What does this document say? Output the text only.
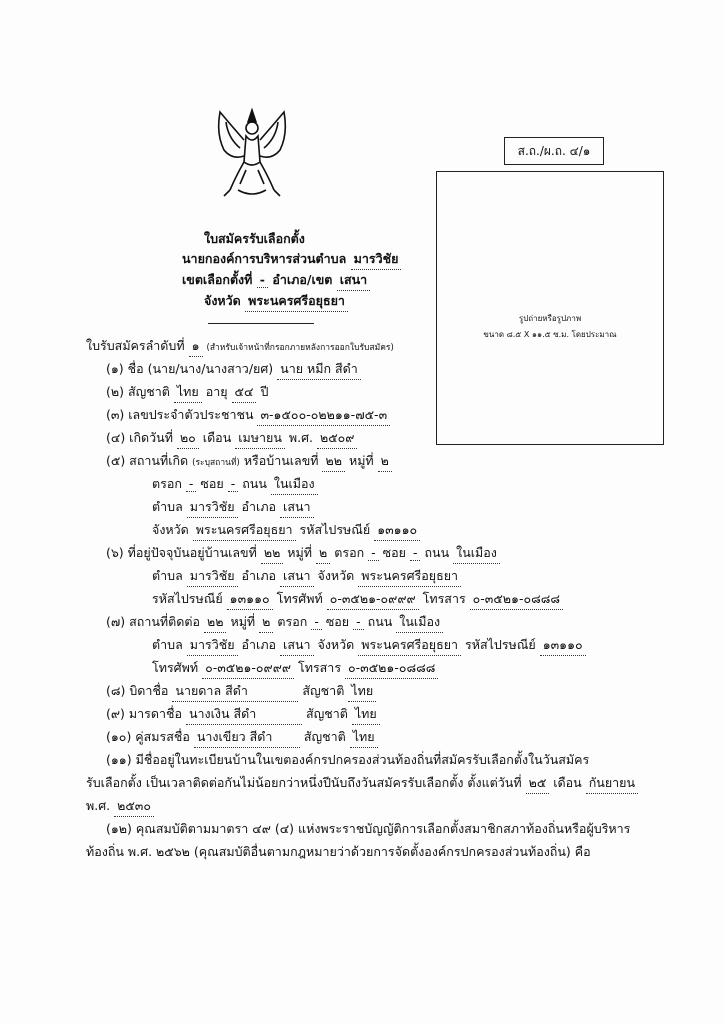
ส.ถ./ผ.ถ. ๔/๑
รูปถ่ายหรือรูปภาพ
ขนาด ๘.๕ X ๑๑.๕ ซ.ม. โดยประมาณ
ใบสมัครรับเลือกตั้ง
นายกองค์การบริหารส่วนตำบล มารวิชัย
เขตเลือกตั้งที่ - อำเภอ/เขต เสนา
จังหวัด พระนครศรีอยุธยา
ใบรับสมัครลำดับที่ ๑ (สำหรับเจ้าหน้าที่กรอกภายหลังการออกใบรับสมัคร)
(๑) ชื่อ (นาย/นาง/นางสาว/ยศ) นาย หมีก สีดำ
(๒) สัญชาติ ไทย อายุ ๕๔ ปี
(๓) เลขประจำตัวประชาชน ๓-๑๕๐๐-๐๒๒๑๑-๗๕-๓
(๔) เกิดวันที่ ๒๐ เดือน เมษายน พ.ศ. ๒๕๐๙
(๕) สถานที่เกิด (ระบุสถานที่) หรือบ้านเลขที่ ๒๒ หมู่ที่ ๒
ตรอก - ซอย - ถนน ในเมือง
ตำบล มารวิชัย อำเภอ เสนา
จังหวัด พระนครศรีอยุธยา รหัสไปรษณีย์ ๑๓๑๑๐
(๖) ที่อยู่ปัจจุบันอยู่บ้านเลขที่ ๒๒ หมู่ที่ ๒ ตรอก - ซอย - ถนน ในเมือง
ตำบล มารวิชัย อำเภอ เสนา จังหวัด พระนครศรีอยุธยา
รหัสไปรษณีย์ ๑๓๑๑๐ โทรศัพท์ ๐-๓๕๒๑-๐๙๙๙ โทรสาร ๐-๓๕๒๑-๐๘๘๘
(๗) สถานที่ติดต่อ ๒๒ หมู่ที่ ๒ ตรอก - ซอย - ถนน ในเมือง
ตำบล มารวิชัย อำเภอ เสนา จังหวัด พระนครศรีอยุธยา รหัสไปรษณีย์ ๑๓๑๑๐
โทรศัพท์ ๐-๓๕๒๑-๐๙๙๙ โทรสาร ๐-๓๕๒๑-๐๘๘๘
(๘) บิดาชื่อ นายดาล สีดำ	สัญชาติ ไทย
(๙) มารดาชื่อ นางเงิน สีดำ	สัญชาติ ไทย
(๑๐) คู่สมรสชื่อ นางเขียว สีดำ	สัญชาติ ไทย
(๑๑) มีชื่ออยู่ในทะเบียนบ้านในเขตองค์กรปกครองส่วนท้องถิ่นที่สมัครรับเลือกตั้งในวันสมัคร
รับเลือกตั้ง เป็นเวลาติดต่อกันไม่น้อยกว่าหนึ่งปีนับถึงวันสมัครรับเลือกตั้ง ตั้งแต่วันที่ ๒๕ เดือน กันยายน
พ.ศ. ๒๕๓๐
(๑๒) คุณสมบัติตามมาตรา ๔๙ (๔) แห่งพระราชบัญญัติการเลือกตั้งสมาชิกสภาท้องถิ่นหรือผู้บริหาร
ท้องถิ่น พ.ศ. ๒๕๖๒ (คุณสมบัติอื่นตามกฎหมายว่าด้วยการจัดตั้งองค์กรปกครองส่วนท้องถิ่น) คือ
